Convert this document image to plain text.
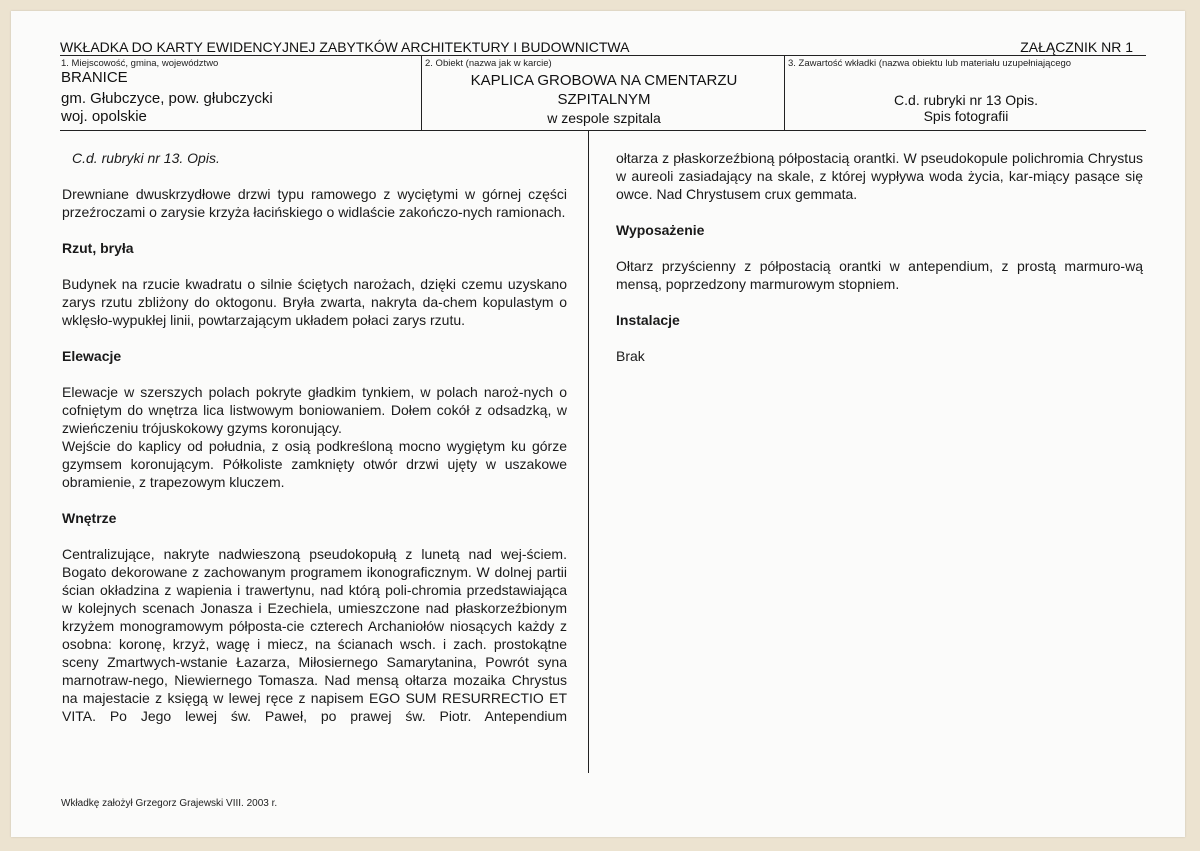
WKŁADKA DO KARTY EWIDENCYJNEJ ZABYTKÓW ARCHITEKTURY I BUDOWNICTWA	ZAŁĄCZNIK NR 1
1. Miejscowość, gmina, województwo
BRANICE
gm. Głubczyce, pow. głubczycki
woj. opolskie
2. Obiekt (nazwa jak w karcie)
KAPLICA GROBOWA NA CMENTARZU
SZPITALNYM
w zespole szpitala
3. Zawartość wkładki (nazwa obiektu lub materiału uzupełniającego
C.d. rubryki nr 13 Opis.
Spis fotografii

C.d. rubryki nr 13. Opis.

Drewniane dwuskrzydłowe drzwi typu ramowego z wyciętymi w górnej części przeźroczami o zarysie krzyża łacińskiego o widlaście zakończo-nych ramionach.

Rzut, bryła

Budynek na rzucie kwadratu o silnie ściętych narożach, dzięki czemu uzyskano zarys rzutu zbliżony do oktogonu. Bryła zwarta, nakryta da-chem kopulastym o wklęsło-wypukłej linii, powtarzającym układem połaci zarys rzutu.

Elewacje

Elewacje w szerszych polach pokryte gładkim tynkiem, w polach naroż-nych o cofniętym do wnętrza lica listwowym boniowaniem. Dołem cokół z odsadzką, w zwieńczeniu trójuskokowy gzyms koronujący.

Wejście do kaplicy od południa, z osią podkreśloną mocno wygiętym ku górze gzymsem koronującym. Półkoliste zamknięty otwór drzwi ujęty w uszakowe obramienie, z trapezowym kluczem.

Wnętrze

Centralizujące, nakryte nadwieszoną pseudokopułą z lunetą nad wej-ściem. Bogato dekorowane z zachowanym programem ikonograficznym. W dolnej partii ścian okładzina z wapienia i trawertynu, nad którą poli-chromia przedstawiająca w kolejnych scenach Jonasza i Ezechiela, umieszczone nad płaskorzeźbionym krzyżem monogramowym półposta-cie czterech Archaniołów niosących każdy z osobna: koronę, krzyż, wagę i miecz, na ścianach wsch. i zach. prostokątne sceny Zmartwych-wstanie Łazarza, Miłosiernego Samarytanina, Powrót syna marnotraw-nego, Niewiernego Tomasza. Nad mensą ołtarza mozaika Chrystus na majestacie z księgą w lewej ręce z napisem EGO SUM RESURRECTIO ET VITA. Po Jego lewej św. Paweł, po prawej św. Piotr. Antependium

ołtarza z płaskorzeźbioną półpostacią orantki. W pseudokopule polichromia Chrystus w aureoli zasiadający na skale, z której wypływa woda życia, kar-miący pasące się owce. Nad Chrystusem crux gemmata.

Wyposażenie

Ołtarz przyścienny z półpostacią orantki w antependium, z prostą marmuro-wą mensą, poprzedzony marmurowym stopniem.

Instalacje

Brak

Wkładkę założył Grzegorz Grajewski VIII. 2003 r.
